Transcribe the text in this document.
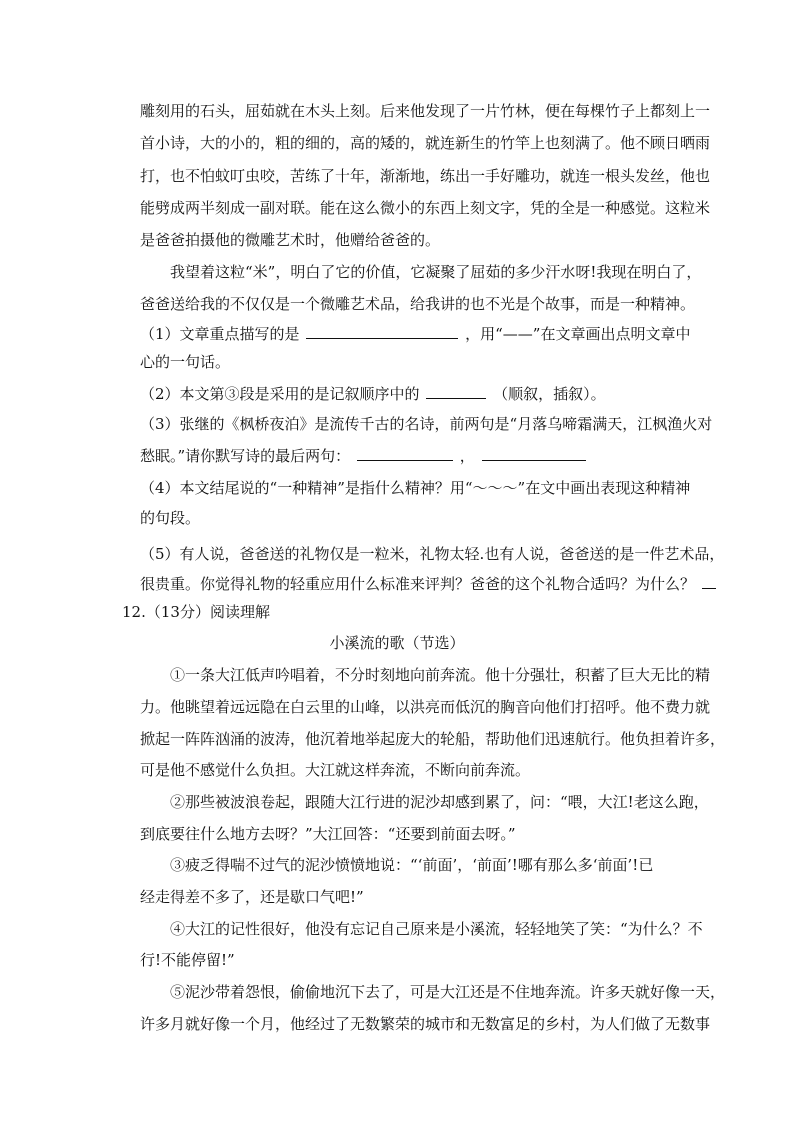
雕刻用的石头，屈茹就在木头上刻。后来他发现了一片竹林，便在每棵竹子上都刻上一
首小诗，大的小的，粗的细的，高的矮的，就连新生的竹竿上也刻满了。他不顾日晒雨
打，也不怕蚊叮虫咬，苦练了十年，渐渐地，练出一手好雕功，就连一根头发丝，他也
能劈成两半刻成一副对联。能在这么微小的东西上刻文字，凭的全是一种感觉。这粒米
是爸爸拍摄他的微雕艺术时，他赠给爸爸的。
我望着这粒“米”，明白了它的价值，它凝聚了屈茹的多少汗水呀!我现在明白了，
爸爸送给我的不仅仅是一个微雕艺术品，给我讲的也不光是个故事，而是一种精神。
（1）文章重点描写的是	，用“——”在文章画出点明文章中
心的一句话。
（2）本文第③段是采用的是记叙顺序中的	（顺叙，插叙）。
（3）张继的《枫桥夜泊》是流传千古的名诗，前两句是“月落乌啼霜满天，江枫渔火对
愁眠。”请你默写诗的最后两句：	，
（4）本文结尾说的“一种精神”是指什么精神？用“～～～”在文中画出表现这种精神
的句段。
（5）有人说，爸爸送的礼物仅是一粒米，礼物太轻.也有人说，爸爸送的是一件艺术品，
很贵重。你觉得礼物的轻重应用什么标准来评判？爸爸的这个礼物合适吗？为什么？
12.（13分）阅读理解
小溪流的歌（节选）
①一条大江低声吟唱着，不分时刻地向前奔流。他十分强壮，积蓄了巨大无比的精
力。他眺望着远远隐在白云里的山峰，以洪亮而低沉的胸音向他们打招呼。他不费力就
掀起一阵阵汹涌的波涛，他沉着地举起庞大的轮船，帮助他们迅速航行。他负担着许多，
可是他不感觉什么负担。大江就这样奔流，不断向前奔流。
②那些被波浪卷起，跟随大江行进的泥沙却感到累了，问：“喂，大江!老这么跑，
到底要往什么地方去呀？”大江回答：“还要到前面去呀。”
③疲乏得喘不过气的泥沙愤愤地说：“‘前面’，‘前面’!哪有那么多‘前面’!已
经走得差不多了，还是歇口气吧!”
④大江的记性很好，他没有忘记自己原来是小溪流，轻轻地笑了笑：“为什么？不
行!不能停留!”
⑤泥沙带着怨恨，偷偷地沉下去了，可是大江还是不住地奔流。许多天就好像一天，
许多月就好像一个月，他经过了无数繁荣的城市和无数富足的乡村，为人们做了无数事
